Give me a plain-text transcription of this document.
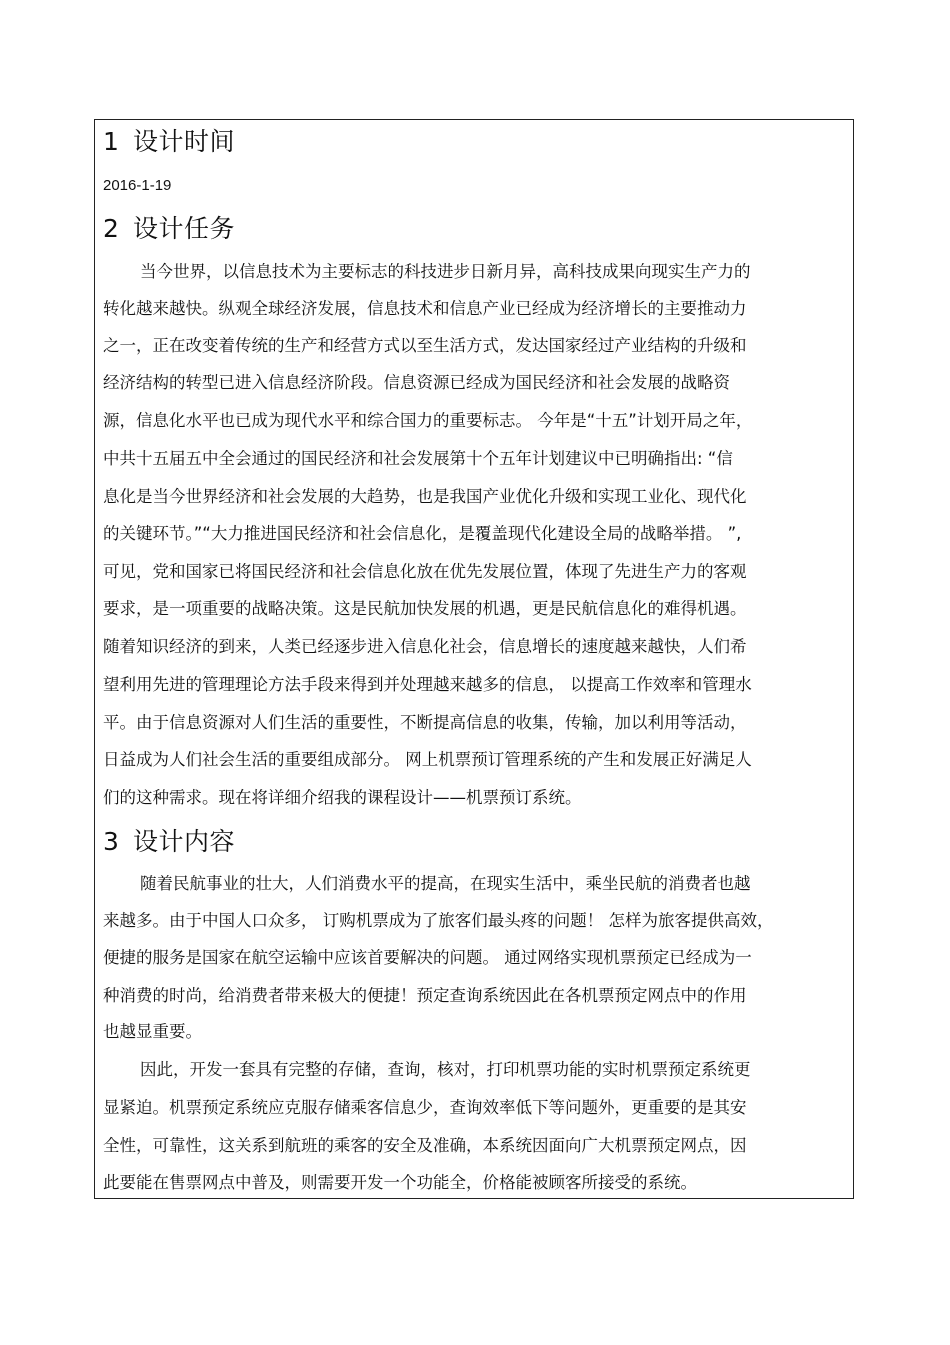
1 设计时间
2016-1-19
2 设计任务
当今世界，以信息技术为主要标志的科技进步日新月异，高科技成果向现实生产力的
转化越来越快。纵观全球经济发展，信息技术和信息产业已经成为经济增长的主要推动力
之一，正在改变着传统的生产和经营方式以至生活方式，发达国家经过产业结构的升级和
经济结构的转型已进入信息经济阶段。信息资源已经成为国民经济和社会发展的战略资
源，信息化水平也已成为现代水平和综合国力的重要标志。 今年是“十五”计划开局之年，
中共十五届五中全会通过的国民经济和社会发展第十个五年计划建议中已明确指出: “信
息化是当今世界经济和社会发展的大趋势，也是我国产业优化升级和实现工业化、现代化
的关键环节。”“大力推进国民经济和社会信息化，是覆盖现代化建设全局的战略举措。 ”,
可见，党和国家已将国民经济和社会信息化放在优先发展位置，体现了先进生产力的客观
要求，是一项重要的战略决策。这是民航加快发展的机遇，更是民航信息化的难得机遇。
随着知识经济的到来，人类已经逐步进入信息化社会，信息增长的速度越来越快，人们希
望利用先进的管理理论方法手段来得到并处理越来越多的信息， 以提高工作效率和管理水
平。由于信息资源对人们生活的重要性，不断提高信息的收集，传输，加以利用等活动，
日益成为人们社会生活的重要组成部分。 网上机票预订管理系统的产生和发展正好满足人
们的这种需求。现在将详细介绍我的课程设计——机票预订系统。
3 设计内容
随着民航事业的壮大，人们消费水平的提高，在现实生活中，乘坐民航的消费者也越
来越多。由于中国人口众多， 订购机票成为了旅客们最头疼的问题！ 怎样为旅客提供高效，
便捷的服务是国家在航空运输中应该首要解决的问题。 通过网络实现机票预定已经成为一
种消费的时尚，给消费者带来极大的便捷！预定查询系统因此在各机票预定网点中的作用
也越显重要。
因此，开发一套具有完整的存储，查询，核对，打印机票功能的实时机票预定系统更
显紧迫。机票预定系统应克服存储乘客信息少，查询效率低下等问题外，更重要的是其安
全性，可靠性，这关系到航班的乘客的安全及准确，本系统因面向广大机票预定网点，因
此要能在售票网点中普及，则需要开发一个功能全，价格能被顾客所接受的系统。
